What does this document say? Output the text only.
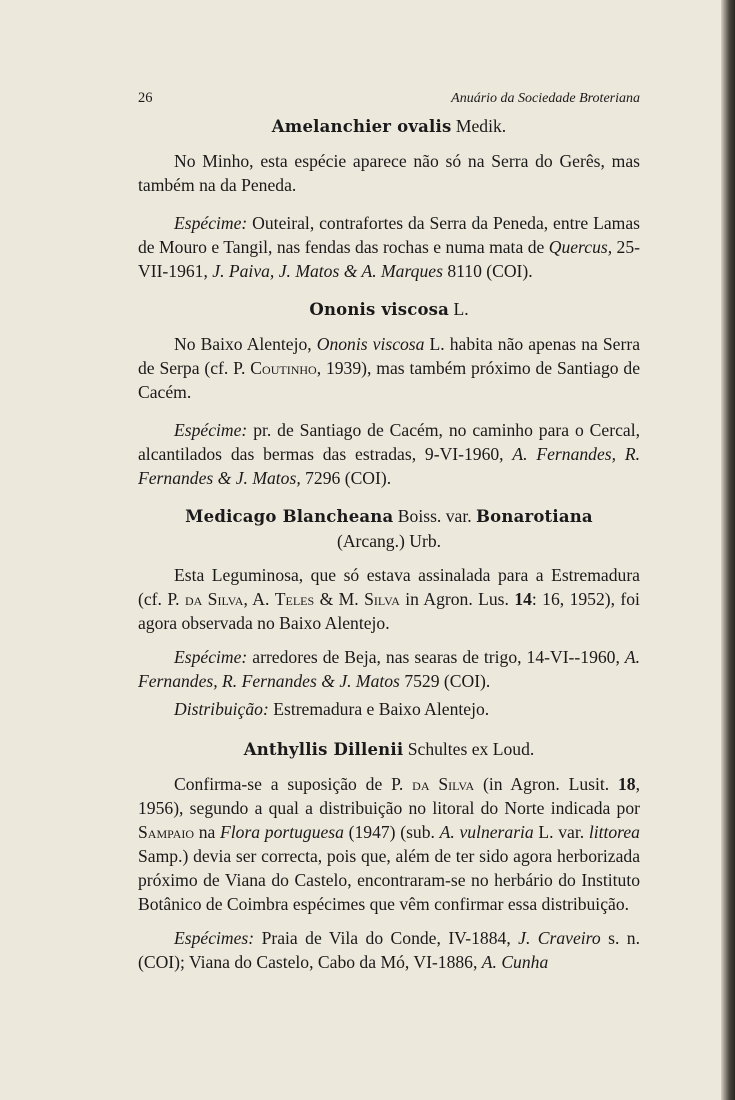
26	Anuário da Sociedade Broteriana
Amelanchier ovalis Medik.

No Minho, esta espécie aparece não só na Serra do Gerês, mas também na da Peneda.

Espécime: Outeiral, contrafortes da Serra da Peneda, entre Lamas de Mouro e Tangil, nas fendas das rochas e numa mata de Quercus, 25-VII-1961, J. Paiva, J. Matos & A. Marques 8110 (COI).

Ononis viscosa L.

No Baixo Alentejo, Ononis viscosa L. habita não apenas na Serra de Serpa (cf. P. Coutinho, 1939), mas também próximo de Santiago de Cacém.

Espécime: pr. de Santiago de Cacém, no caminho para o Cercal, alcantilados das bermas das estradas, 9-VI-1960, A. Fernandes, R. Fernandes & J. Matos, 7296 (COI).

Medicago Blancheana Boiss. var. Bonarotiana
(Arcang.) Urb.

Esta Leguminosa, que só estava assinalada para a Estremadura (cf. P. da Silva, A. Teles & M. Silva in Agron. Lus. 14: 16, 1952), foi agora observada no Baixo Alentejo.

Espécime: arredores de Beja, nas searas de trigo, 14-VI--1960, A. Fernandes, R. Fernandes & J. Matos 7529 (COI).

Distribuição: Estremadura e Baixo Alentejo.

Anthyllis Dillenii Schultes ex Loud.

Confirma-se a suposição de P. da Silva (in Agron. Lusit. 18, 1956), segundo a qual a distribuição no litoral do Norte indicada por Sampaio na Flora portuguesa (1947) (sub. A. vulneraria L. var. littorea Samp.) devia ser correcta, pois que, além de ter sido agora herborizada próximo de Viana do Castelo, encontraram-se no herbário do Instituto Botânico de Coimbra espécimes que vêm confirmar essa distribuição.

Espécimes: Praia de Vila do Conde, IV-1884, J. Craveiro s. n. (COI); Viana do Castelo, Cabo da Mó, VI-1886, A. Cunha
